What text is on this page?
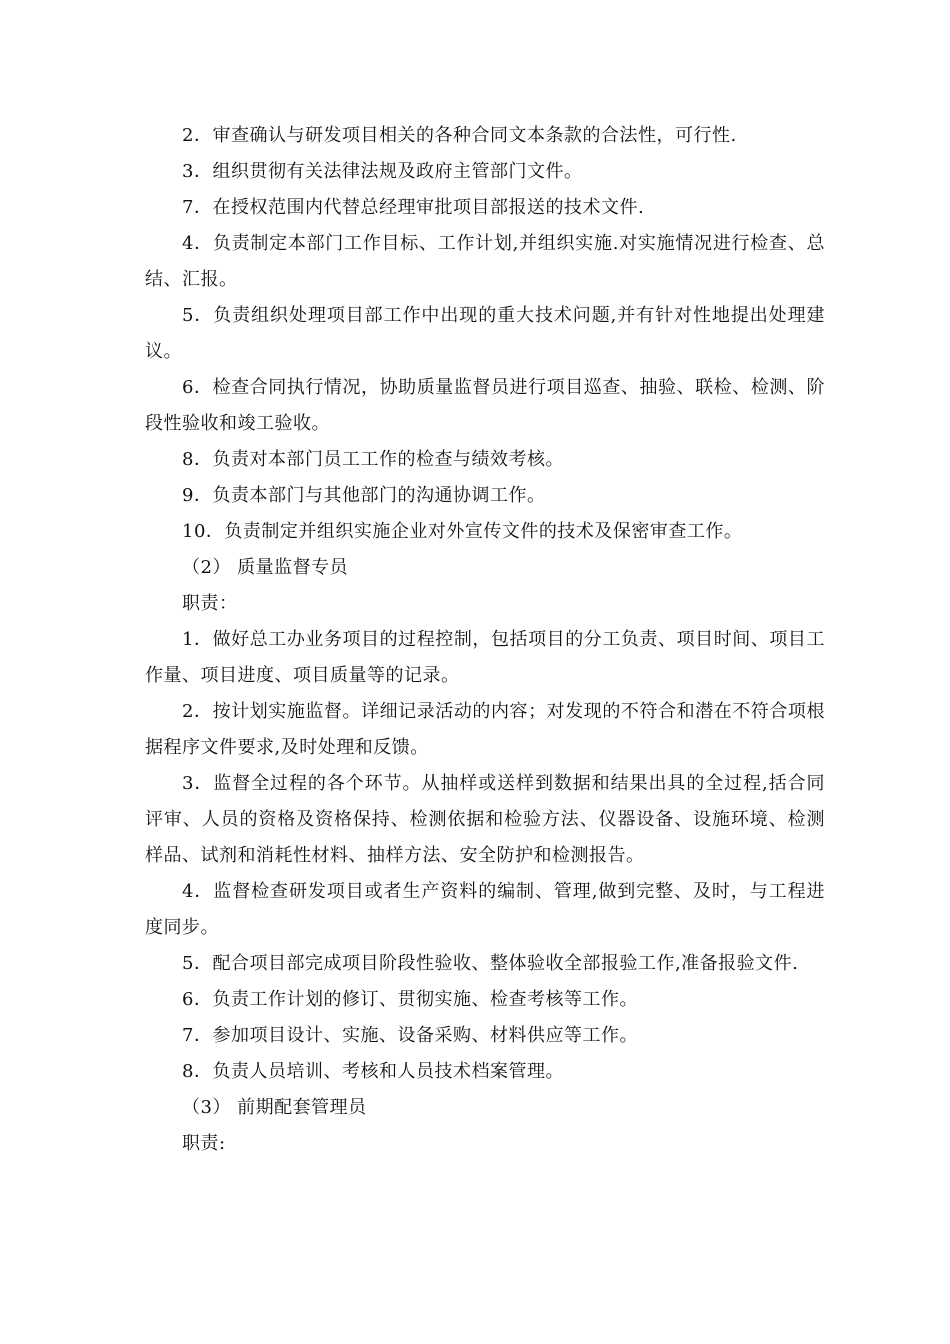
2．审查确认与研发项目相关的各种合同文本条款的合法性，可行性.

3．组织贯彻有关法律法规及政府主管部门文件。

7．在授权范围内代替总经理审批项目部报送的技术文件.

4．负责制定本部门工作目标、工作计划,并组织实施.对实施情况进行检查、总结、汇报。

5．负责组织处理项目部工作中出现的重大技术问题,并有针对性地提出处理建议。

6．检查合同执行情况，协助质量监督员进行项目巡查、抽验、联检、检测、阶段性验收和竣工验收。

8．负责对本部门员工工作的检查与绩效考核。

9．负责本部门与其他部门的沟通协调工作。

10．负责制定并组织实施企业对外宣传文件的技术及保密审查工作。

（2） 质量监督专员

职责：

1．做好总工办业务项目的过程控制，包括项目的分工负责、项目时间、项目工作量、项目进度、项目质量等的记录。

2．按计划实施监督。详细记录活动的内容；对发现的不符合和潜在不符合项根据程序文件要求,及时处理和反馈。

3．监督全过程的各个环节。从抽样或送样到数据和结果出具的全过程,括合同评审、人员的资格及资格保持、检测依据和检验方法、仪器设备、设施环境、检测样品、试剂和消耗性材料、抽样方法、安全防护和检测报告。

4．监督检查研发项目或者生产资料的编制、管理,做到完整、及时，与工程进度同步。

5．配合项目部完成项目阶段性验收、整体验收全部报验工作,准备报验文件.

6．负责工作计划的修订、贯彻实施、检查考核等工作。

7．参加项目设计、实施、设备采购、材料供应等工作。

8．负责人员培训、考核和人员技术档案管理。

（3） 前期配套管理员

职责:
